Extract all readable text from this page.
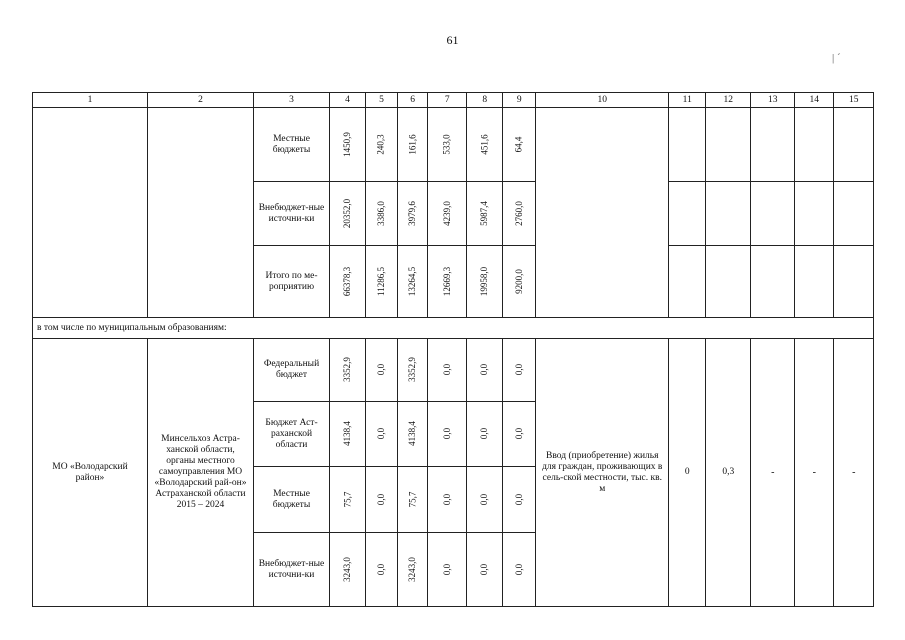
61
| ´
1	2	3	4	5	6	7	8	9	10	11	12	13	14	15
		Местные бюджеты	1450,9	240,3	161,6	533,0	451,6	64,4						
		Внебюджет-ные источни-ки	20352,0	3386,0	3979,6	4239,0	5987,4	2760,0						
		Итого по ме-роприятию	66378,3	11286,5	13264,5	12669,3	19958,0	9200,0						
в том числе по муниципальным образованиям:														
МО «Володарский район»	Минсельхоз Астра-ханской области, органы местного самоуправления МО «Володарский рай-он» Астраханской области 2015 – 2024	Федеральный бюджет	3352,9	0,0	3352,9	0,0	0,0	0,0	Ввод (приобретение) жилья для граждан, проживающих в сель-ской местности, тыс. кв. м	0	0,3	-	-	-
		Бюджет Аст-раханской области	4138,4	0,0	4138,4	0,0	0,0	0,0						
		Местные бюджеты	75,7	0,0	75,7	0,0	0,0	0,0						
		Внебюджет-ные источни-ки	3243,0	0,0	3243,0	0,0	0,0	0,0						
